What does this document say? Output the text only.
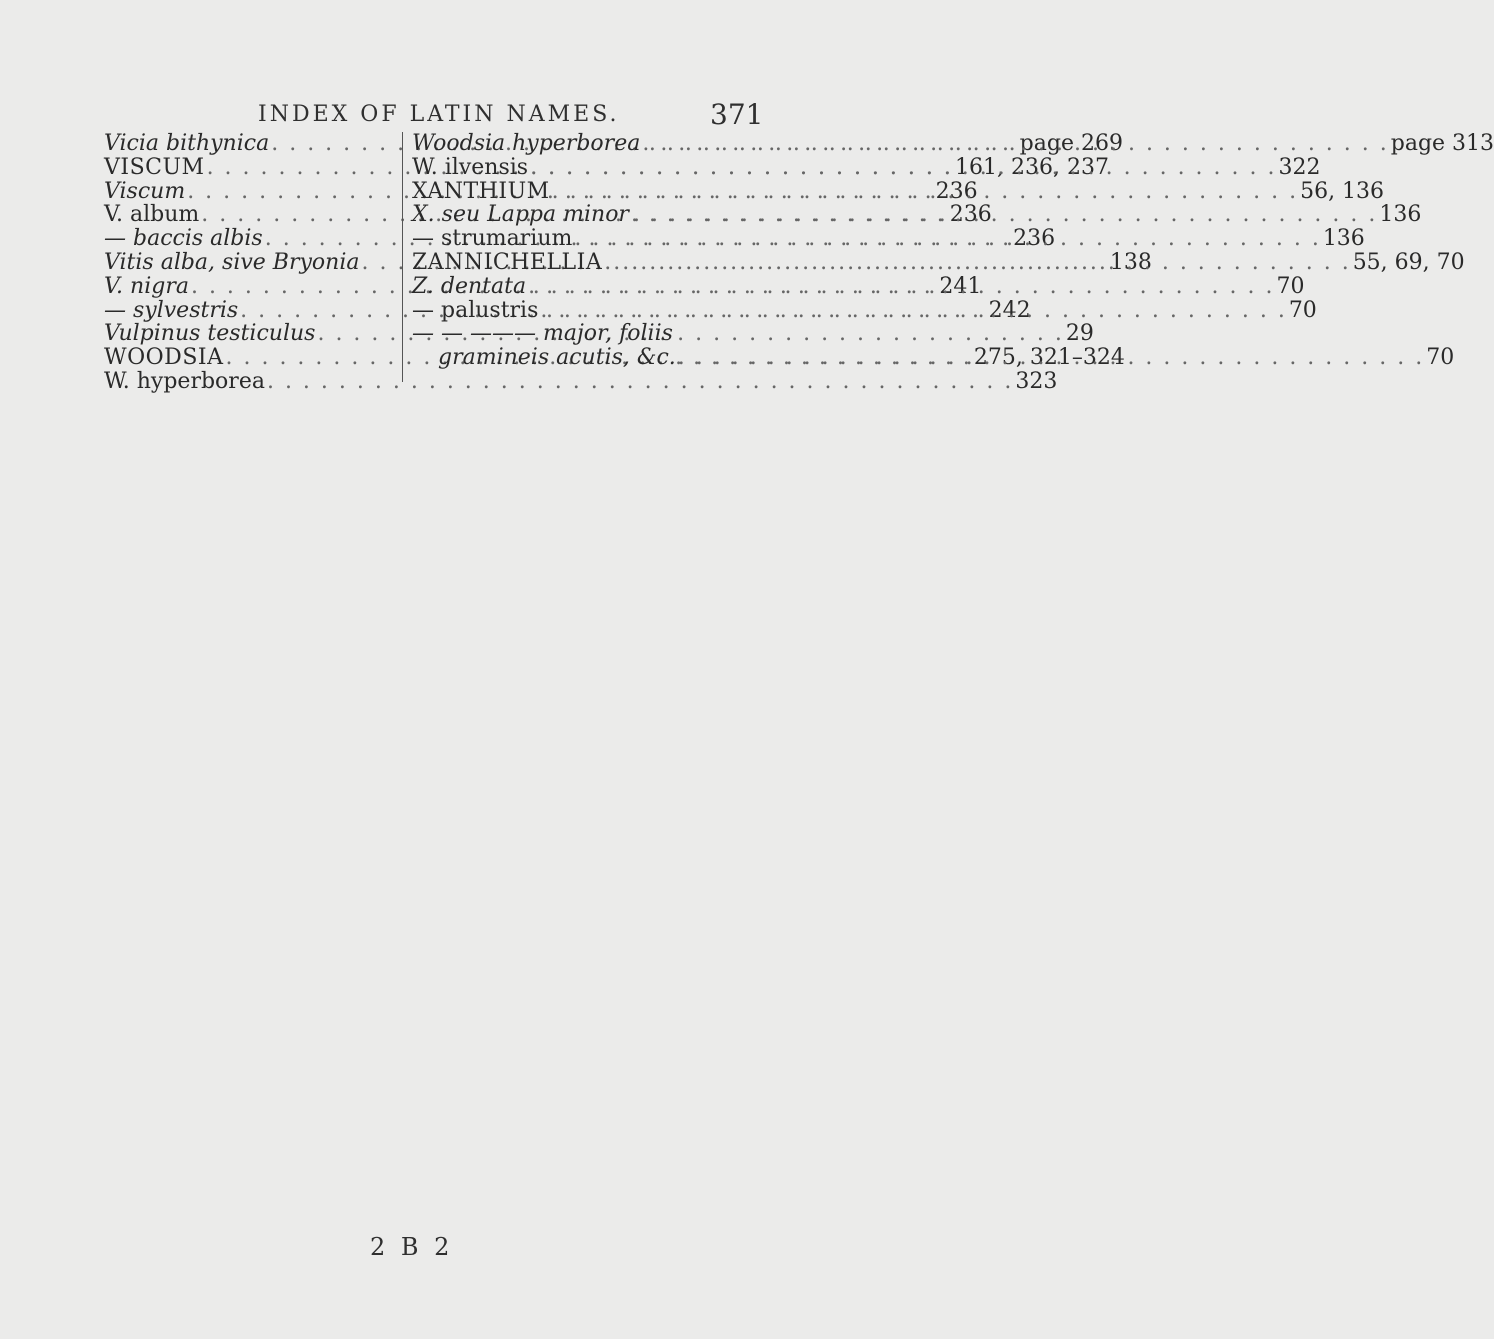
INDEX OF LATIN NAMES.	371
Vicia bithynica . . .	page 269
VISCUM . . .	161, 236, 237
Viscum . . .	236
V. album . . .	236
— baccis albis . . .	236
Vitis alba, sive Bryonia . . .	138
V. nigra . . .	241
— sylvestris . . .	242
Vulpinus testiculus . . .	29
WOODSIA . . .	275, 321–324
W. hyperborea . . .	323
Woodsia hyperborea . . .	page 313
W. ilvensis . . .	322
XANTHIUM . . .	56, 136
X. seu Lappa minor . . .	136
— strumarium . . .	136
ZANNICHELLIA . . .	55, 69, 70
Z. dentata . . .	70
— palustris . . .	70
— — ——— major, foliis
gramineis acutis, &c. . . .	70
2 B 2
